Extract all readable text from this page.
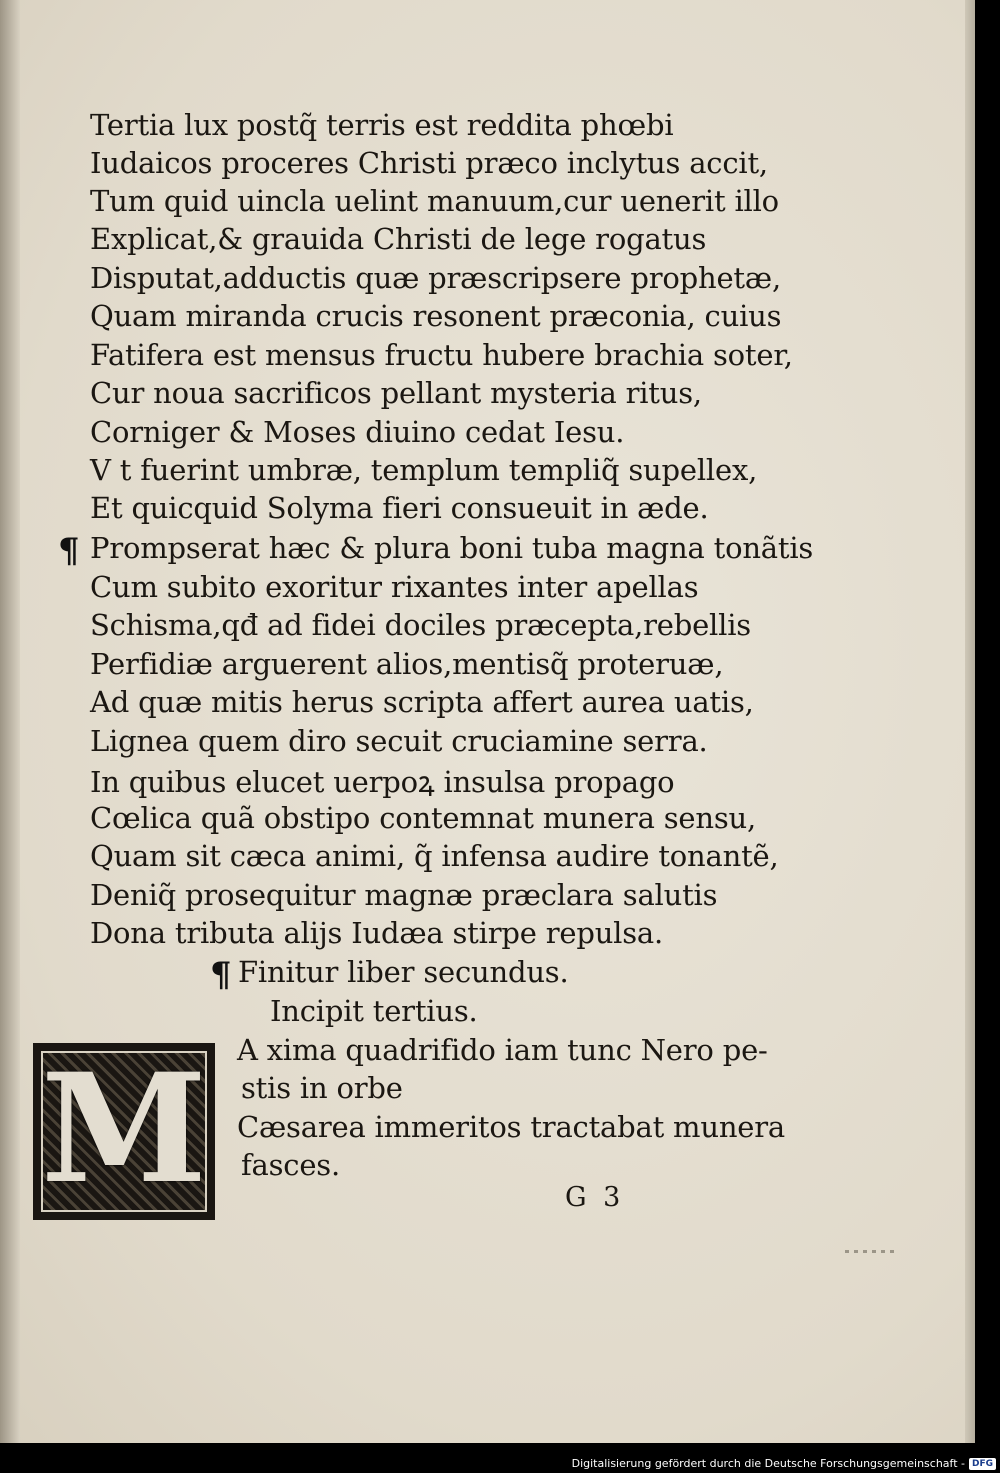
Tertia lux postq̃ terris est reddita phœbi
Iudaicos proceres Christi præco inclytus accit,
Tum quid uincla uelint manuum,cur uenerit illo
Explicat,& grauida Christi de lege rogatus
Disputat,adductis quæ præscripsere prophetæ,
Quam miranda crucis resonent præconia, cuius
Fatifera est mensus fructu hubere brachia soter,
Cur noua sacrificos pellant mysteria ritus,
Corniger & Moses diuino cedat Iesu.
V t fuerint umbræ, templum templiq̃ supellex,
Et quicquid Solyma fieri consueuit in æde.
¶ Prompserat hæc & plura boni tuba magna tonãtis
Cum subito exoritur rixantes inter apellas
Schisma,qđ ad fidei dociles præcepta,rebellis
Perfidiæ arguerent alios,mentisq̃ proteruæ,
Ad quæ mitis herus scripta affert aurea uatis,
Lignea quem diro secuit cruciamine serra.
In quibus elucet uerpoꝝ insulsa propago
Cœlica quã obstipo contemnat munera sensu,
Quam sit cæca animi, q̃ infensa audire tonantẽ,
Deniq̃ prosequitur magnæ præclara salutis
Dona tributa alijs Iudæa stirpe repulsa.
¶ Finitur liber secundus.
Incipit tertius.
A xima quadrifido iam tunc Nero pe-
stis in orbe
Cæsarea immeritos tractabat munera
fasces.
G  3
M
Digitalisierung gefördert durch die Deutsche Forschungsgemeinschaft - DFG
